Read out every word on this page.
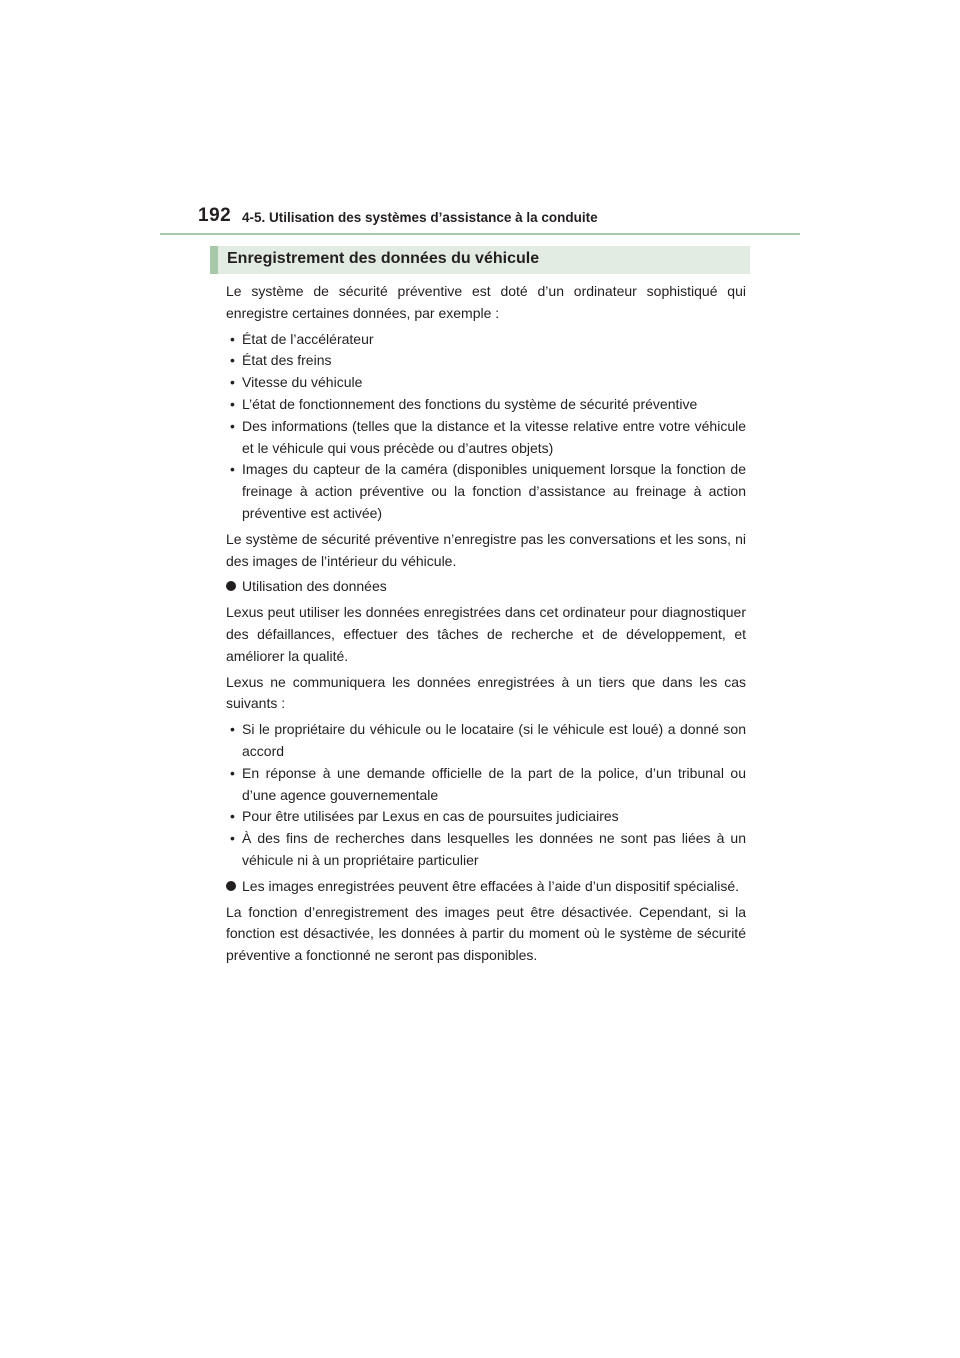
192 4-5. Utilisation des systèmes d’assistance à la conduite
Enregistrement des données du véhicule

Le système de sécurité préventive est doté d’un ordinateur sophistiqué qui enregistre certaines données, par exemple :

• État de l’accélérateur
• État des freins
• Vitesse du véhicule
• L’état de fonctionnement des fonctions du système de sécurité préventive
• Des informations (telles que la distance et la vitesse relative entre votre véhicule et le véhicule qui vous précède ou d’autres objets)
• Images du capteur de la caméra (disponibles uniquement lorsque la fonction de freinage à action préventive ou la fonction d’assistance au freinage à action préventive est activée)

Le système de sécurité préventive n’enregistre pas les conversations et les sons, ni des images de l’intérieur du véhicule.

Utilisation des données

Lexus peut utiliser les données enregistrées dans cet ordinateur pour diagnostiquer des défaillances, effectuer des tâches de recherche et de développement, et améliorer la qualité.

Lexus ne communiquera les données enregistrées à un tiers que dans les cas suivants :

• Si le propriétaire du véhicule ou le locataire (si le véhicule est loué) a donné son accord
• En réponse à une demande officielle de la part de la police, d’un tribunal ou d’une agence gouvernementale
• Pour être utilisées par Lexus en cas de poursuites judiciaires
• À des fins de recherches dans lesquelles les données ne sont pas liées à un véhicule ni à un propriétaire particulier
Les images enregistrées peuvent être effacées à l’aide d’un dispositif spécialisé.

La fonction d’enregistrement des images peut être désactivée. Cependant, si la fonction est désactivée, les données à partir du moment où le système de sécurité préventive a fonctionné ne seront pas disponibles.
